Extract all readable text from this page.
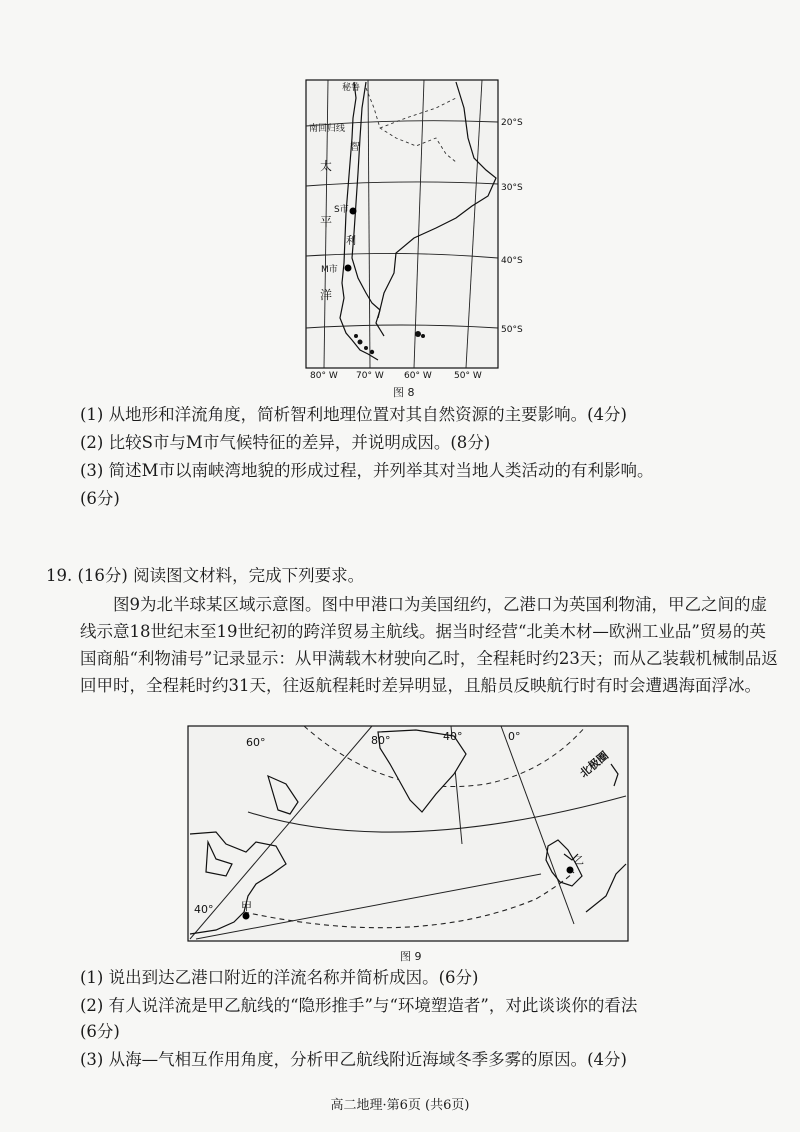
秘鲁
南回归线
智
利
太
平
洋
S市
M市
20°S
30°S
40°S
50°S
80° W 70° W 60° W 50° W
图 8
(1) 从地形和洋流角度，简析智利地理位置对其自然资源的主要影响。(4分)
(2) 比较S市与M市气候特征的差异，并说明成因。(8分)
(3) 简述M市以南峡湾地貌的形成过程，并列举其对当地人类活动的有利影响。
(6分)
19. (16分) 阅读图文材料，完成下列要求。
图9为北半球某区域示意图。图中甲港口为美国纽约，乙港口为英国利物浦，甲乙之间的虚线示意18世纪末至19世纪初的跨洋贸易主航线。据当时经营“北美木材—欧洲工业品”贸易的英国商船“利物浦号”记录显示：从甲满载木材驶向乙时，全程耗时约23天；而从乙装载机械制品返回甲时，全程耗时约31天，往返航程耗时差异明显，且船员反映航行时有时会遭遇海面浮冰。
北极圈
甲
乙
60°	80°	40°	0°
40°
图 9
(1) 说出到达乙港口附近的洋流名称并简析成因。(6分)
(2) 有人说洋流是甲乙航线的“隐形推手”与“环境塑造者”，对此谈谈你的看法
(6分)
(3) 从海—气相互作用角度，分析甲乙航线附近海域冬季多雾的原因。(4分)
高二地理·第6页 (共6页)
